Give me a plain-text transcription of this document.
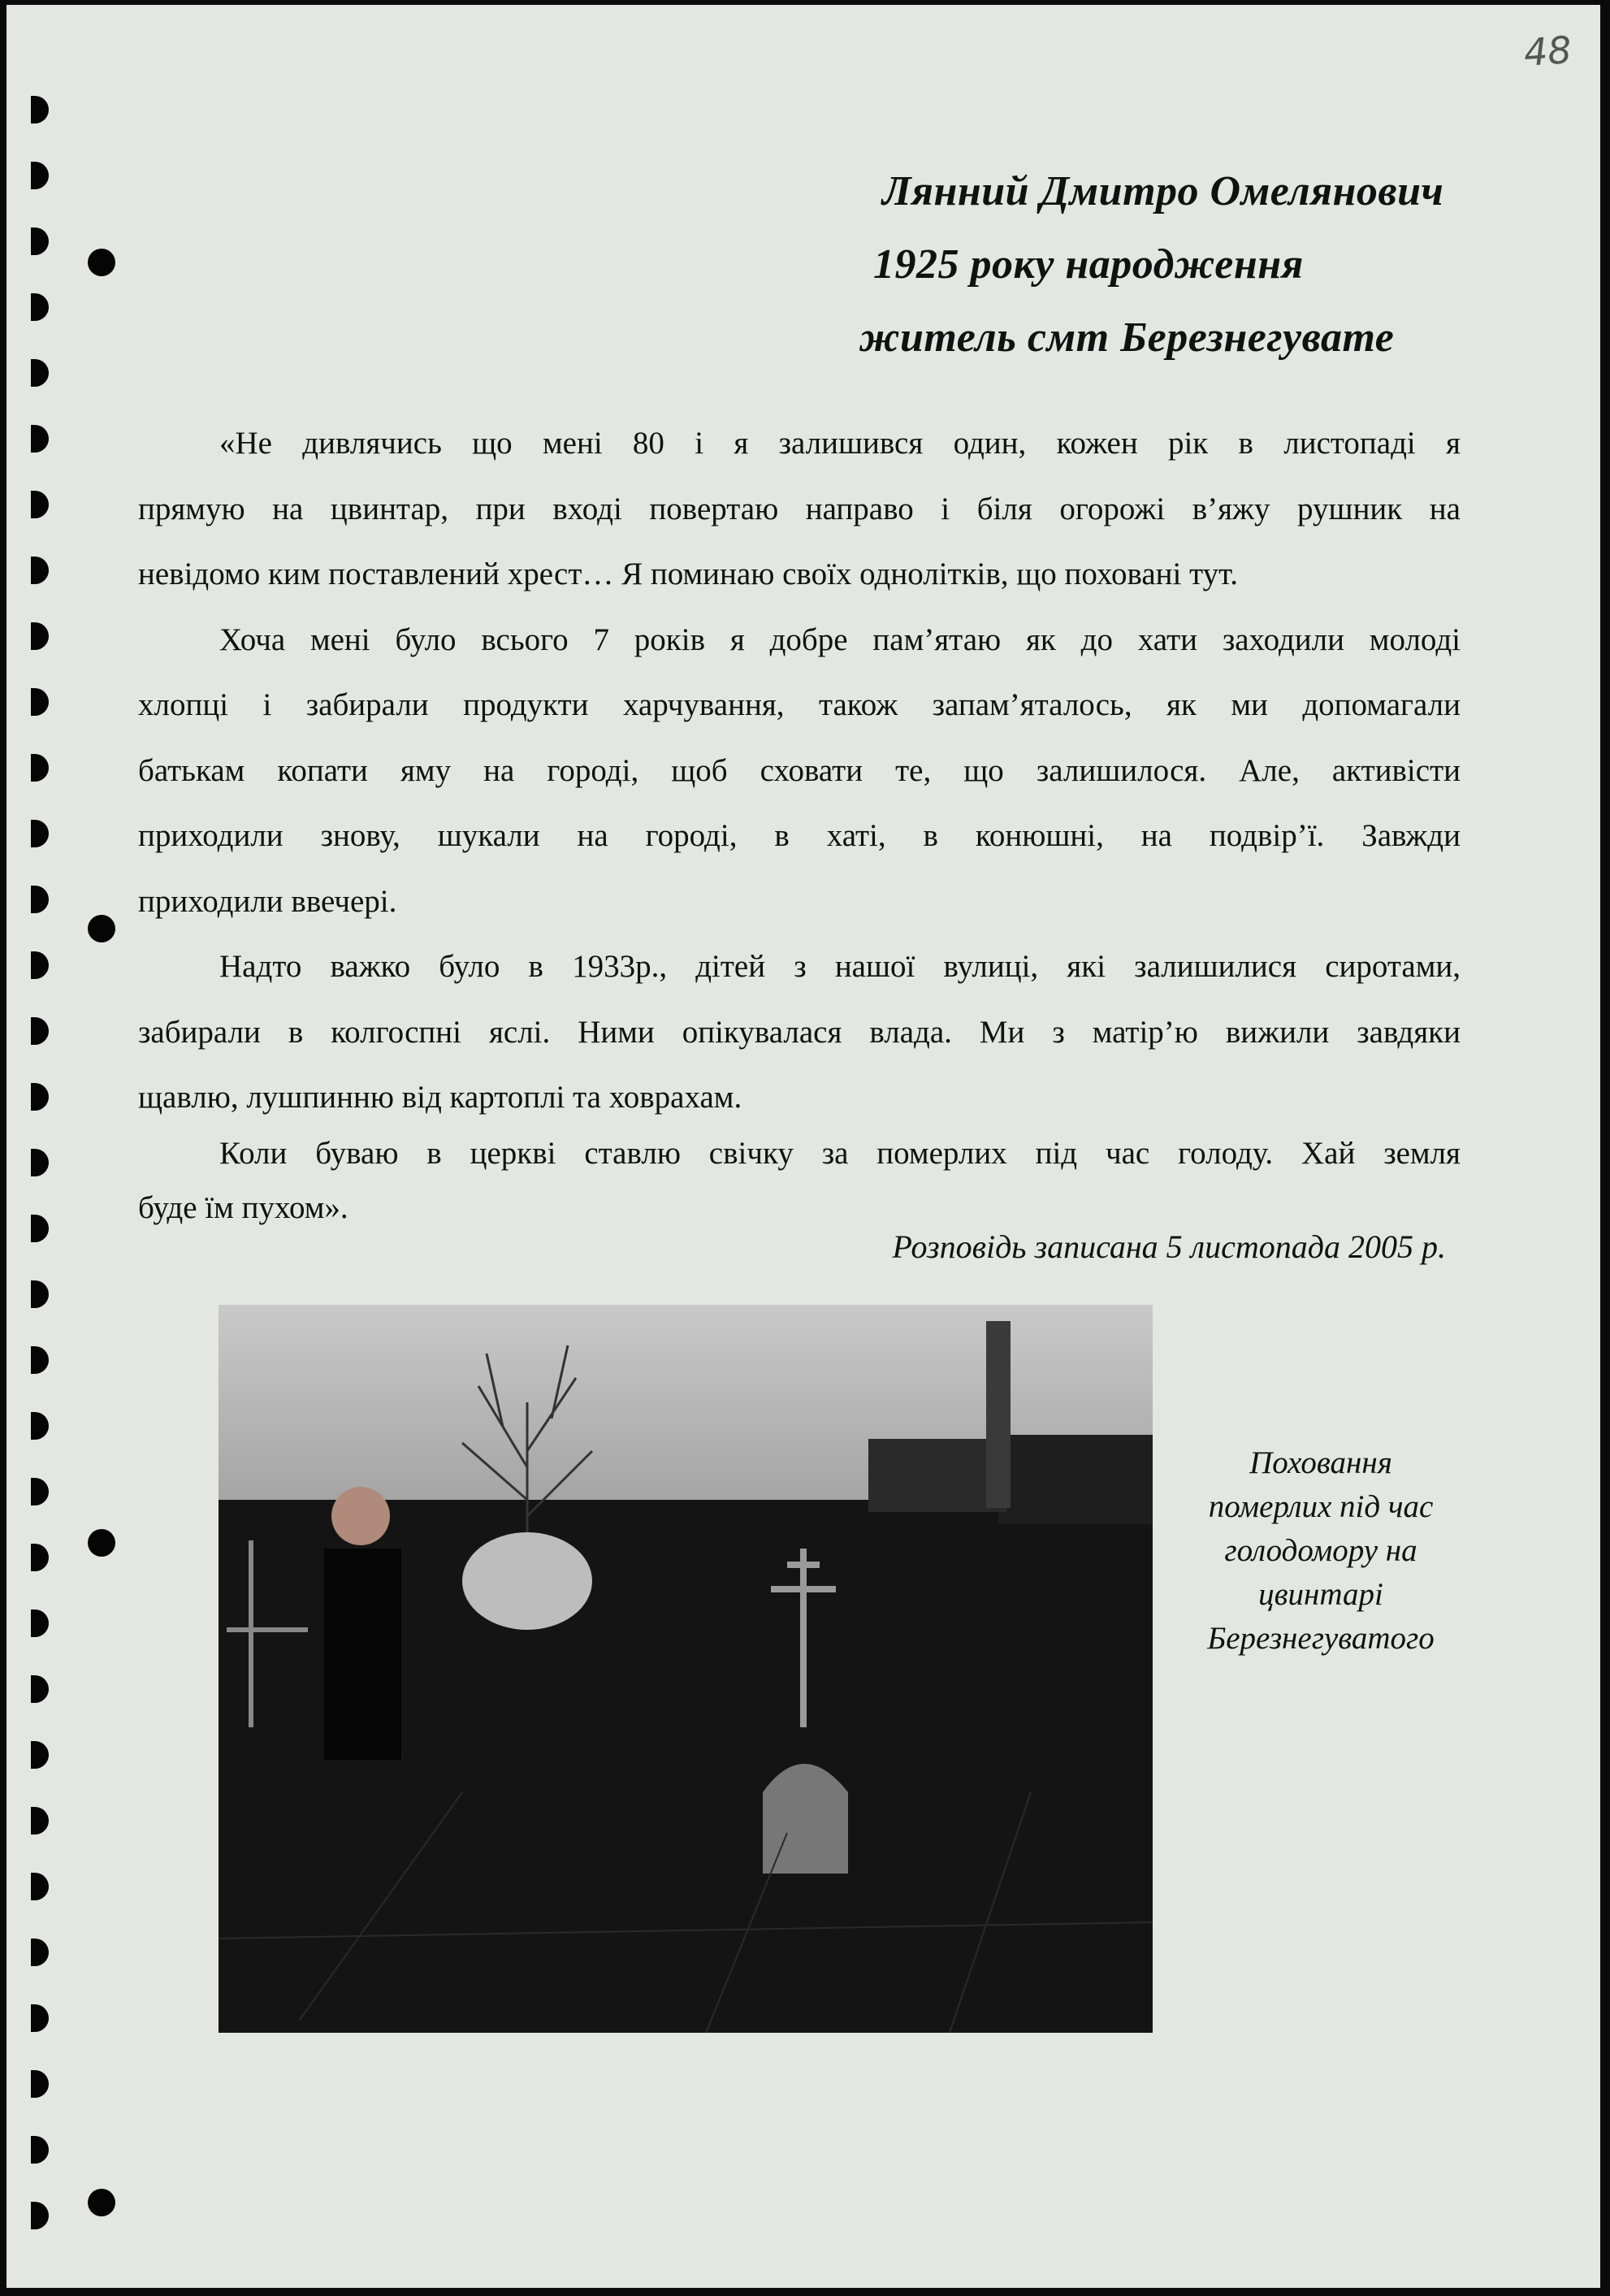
48
Лянний Дмитро Омелянович
1925 року народження
житель смт Березнегувате
«Не дивлячись що мені 80 і я залишився один, кожен рік в листопаді я
прямую на цвинтар, при вході повертаю направо і біля огорожі в’яжу рушник на
невідомо ким поставлений хрест… Я поминаю своїх однолітків, що поховані тут.
Хоча мені було всього 7 років я добре пам’ятаю як до хати заходили молоді
хлопці і забирали продукти харчування, також запам’яталось, як ми допомагали
батькам копати яму на городі, щоб сховати те, що залишилося. Але, активісти
приходили знову, шукали на городі, в хаті, в конюшні, на подвір’ї. Завжди
приходили ввечері.
Надто важко було в 1933р., дітей з нашої вулиці, які залишилися сиротами,
забирали в колгоспні яслі. Ними опікувалася влада. Ми з матір’ю вижили завдяки
щавлю, лушпинню від картоплі та ховрахам.
Коли буваю в церкві ставлю свічку за померлих під час голоду. Хай земля
буде їм пухом».
Розповідь записана 5 листопада 2005 р.
Поховання
померлих під час
голодомору на
цвинтарі
Березнегуватого
